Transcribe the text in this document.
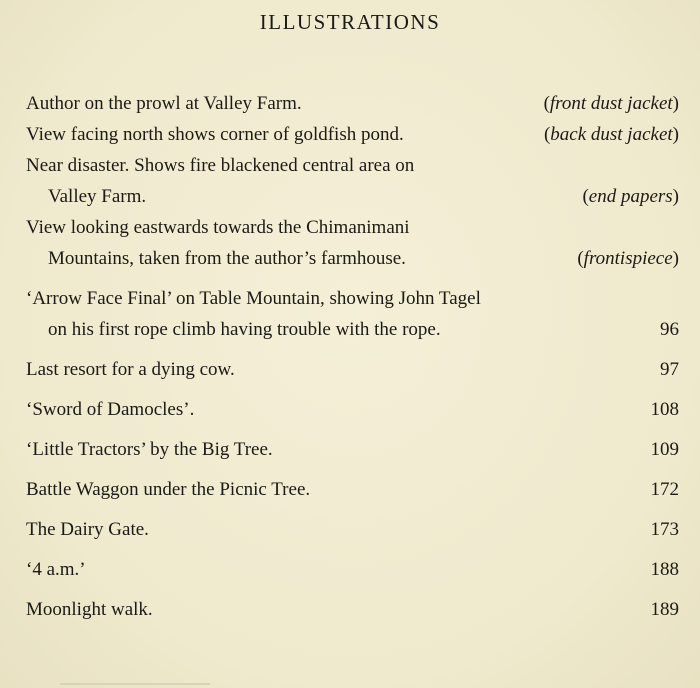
ILLUSTRATIONS
Author on the prowl at Valley Farm.	(front dust jacket)
View facing north shows corner of goldfish pond.	(back dust jacket)
Near disaster. Shows fire blackened central area on
Valley Farm.	(end papers)
View looking eastwards towards the Chimanimani
Mountains, taken from the author’s farmhouse.	(frontispiece)
‘Arrow Face Final’ on Table Mountain, showing John Tagel
on his first rope climb having trouble with the rope.	96
Last resort for a dying cow.	97
‘Sword of Damocles’.	108
‘Little Tractors’ by the Big Tree.	109
Battle Waggon under the Picnic Tree.	172
The Dairy Gate.	173
‘4 a.m.’	188
Moonlight walk.	189
